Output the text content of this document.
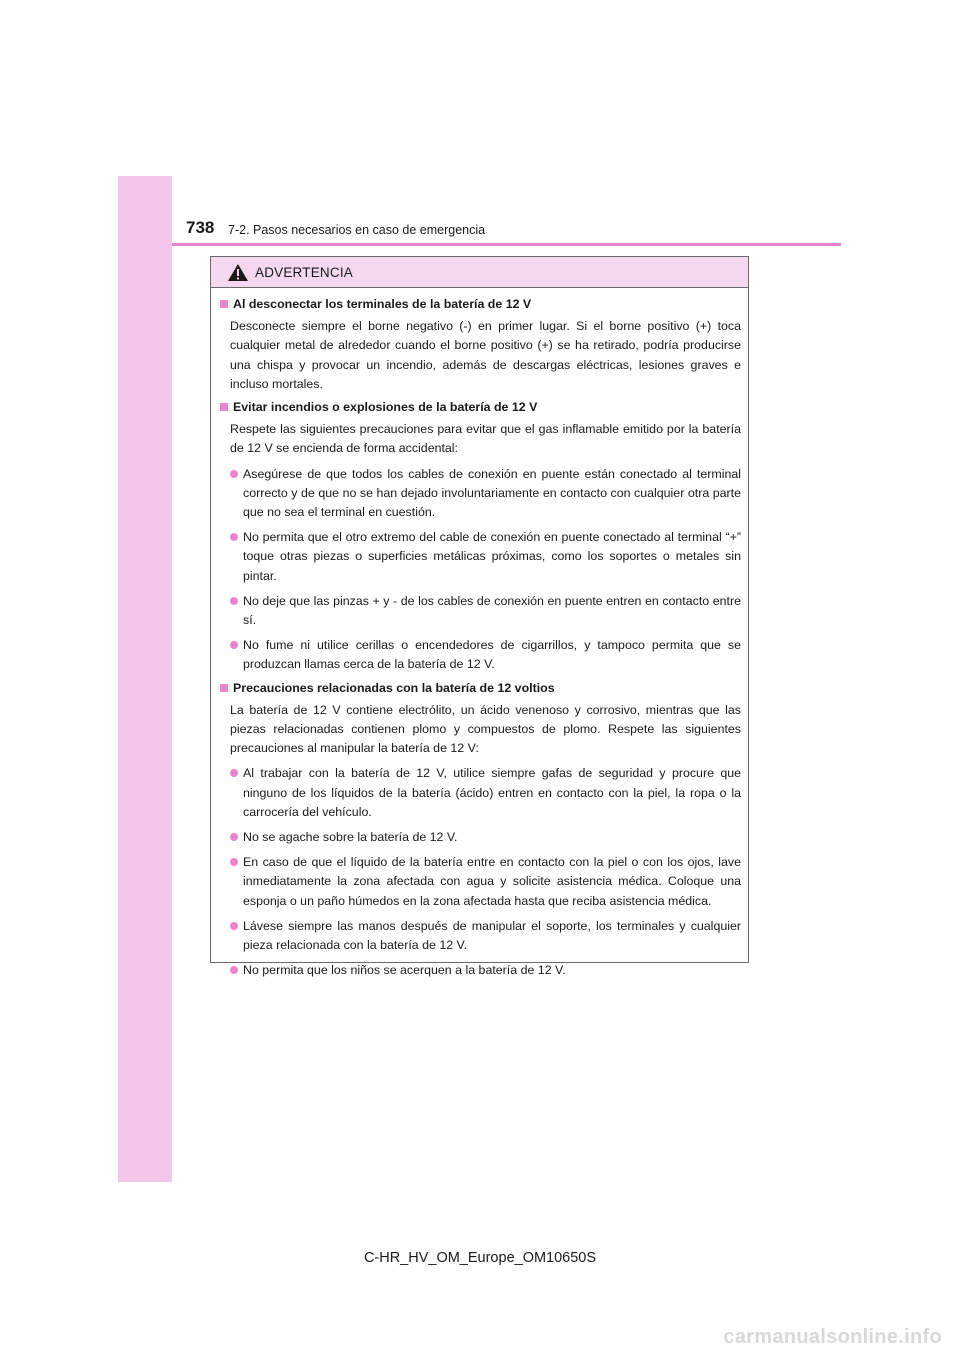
738 7-2. Pasos necesarios en caso de emergencia
ADVERTENCIA
Al desconectar los terminales de la batería de 12 V
Desconecte siempre el borne negativo (-) en primer lugar. Si el borne positivo (+) toca cualquier metal de alrededor cuando el borne positivo (+) se ha retirado, podría producirse una chispa y provocar un incendio, además de descargas eléctricas, lesiones graves e incluso mortales.
Evitar incendios o explosiones de la batería de 12 V
Respete las siguientes precauciones para evitar que el gas inflamable emitido por la batería de 12 V se encienda de forma accidental:
Asegúrese de que todos los cables de conexión en puente están conectado al terminal correcto y de que no se han dejado involuntariamente en contacto con cualquier otra parte que no sea el terminal en cuestión.
No permita que el otro extremo del cable de conexión en puente conectado al terminal “+” toque otras piezas o superficies metálicas próximas, como los soportes o metales sin pintar.
No deje que las pinzas + y - de los cables de conexión en puente entren en contacto entre sí.
No fume ni utilice cerillas o encendedores de cigarrillos, y tampoco permita que se produzcan llamas cerca de la batería de 12 V.
Precauciones relacionadas con la batería de 12 voltios
La batería de 12 V contiene electrólito, un ácido venenoso y corrosivo, mientras que las piezas relacionadas contienen plomo y compuestos de plomo. Respete las siguientes precauciones al manipular la batería de 12 V:
Al trabajar con la batería de 12 V, utilice siempre gafas de seguridad y procure que ninguno de los líquidos de la batería (ácido) entren en contacto con la piel, la ropa o la carrocería del vehículo.
No se agache sobre la batería de 12 V.
En caso de que el líquido de la batería entre en contacto con la piel o con los ojos, lave inmediatamente la zona afectada con agua y solicite asistencia médica. Coloque una esponja o un paño húmedos en la zona afectada hasta que reciba asistencia médica.
Lávese siempre las manos después de manipular el soporte, los terminales y cualquier pieza relacionada con la batería de 12 V.
No permita que los niños se acerquen a la batería de 12 V.
C-HR_HV_OM_Europe_OM10650S
carmanualsonline.info
